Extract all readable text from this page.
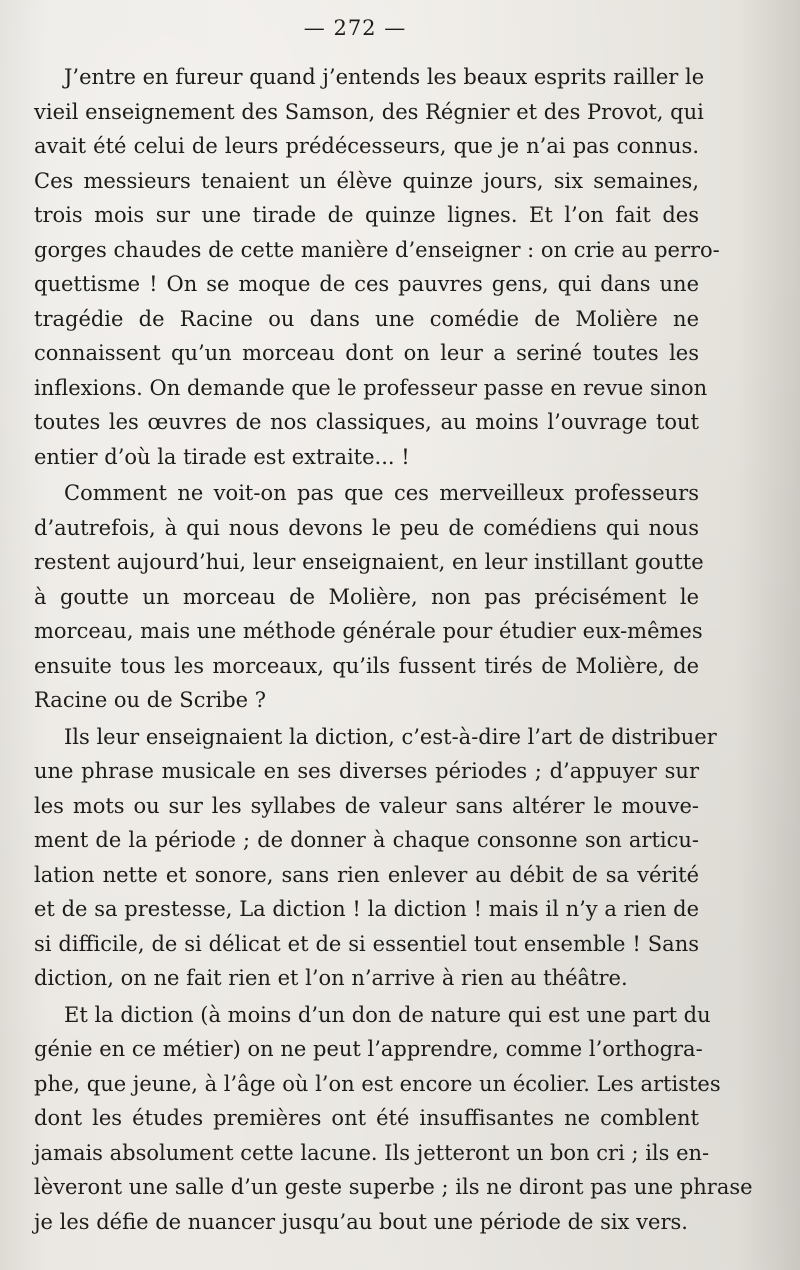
— 272 —
J’entre en fureur quand j’entends les beaux esprits railler le
vieil enseignement des Samson, des Régnier et des Provot, qui
avait été celui de leurs prédécesseurs, que je n’ai pas connus.
Ces messieurs tenaient un élève quinze jours, six semaines,
trois mois sur une tirade de quinze lignes. Et l’on fait des
gorges chaudes de cette manière d’enseigner : on crie au perro-
quettisme ! On se moque de ces pauvres gens, qui dans une
tragédie de Racine ou dans une comédie de Molière ne
connaissent qu’un morceau dont on leur a seriné toutes les
inflexions. On demande que le professeur passe en revue sinon
toutes les œuvres de nos classiques, au moins l’ouvrage tout
entier d’où la tirade est extraite... !
Comment ne voit-on pas que ces merveilleux professeurs
d’autrefois, à qui nous devons le peu de comédiens qui nous
restent aujourd’hui, leur enseignaient, en leur instillant goutte
à goutte un morceau de Molière, non pas précisément le
morceau, mais une méthode générale pour étudier eux-mêmes
ensuite tous les morceaux, qu’ils fussent tirés de Molière, de
Racine ou de Scribe ?
Ils leur enseignaient la diction, c’est-à-dire l’art de distribuer
une phrase musicale en ses diverses périodes ; d’appuyer sur
les mots ou sur les syllabes de valeur sans altérer le mouve-
ment de la période ; de donner à chaque consonne son articu-
lation nette et sonore, sans rien enlever au débit de sa vérité
et de sa prestesse, La diction ! la diction ! mais il n’y a rien de
si difficile, de si délicat et de si essentiel tout ensemble ! Sans
diction, on ne fait rien et l’on n’arrive à rien au théâtre.
Et la diction (à moins d’un don de nature qui est une part du
génie en ce métier) on ne peut l’apprendre, comme l’orthogra-
phe, que jeune, à l’âge où l’on est encore un écolier. Les artistes
dont les études premières ont été insuffisantes ne comblent
jamais absolument cette lacune. Ils jetteront un bon cri ; ils en-
lèveront une salle d’un geste superbe ; ils ne diront pas une phrase
je les défie de nuancer jusqu’au bout une période de six vers.
